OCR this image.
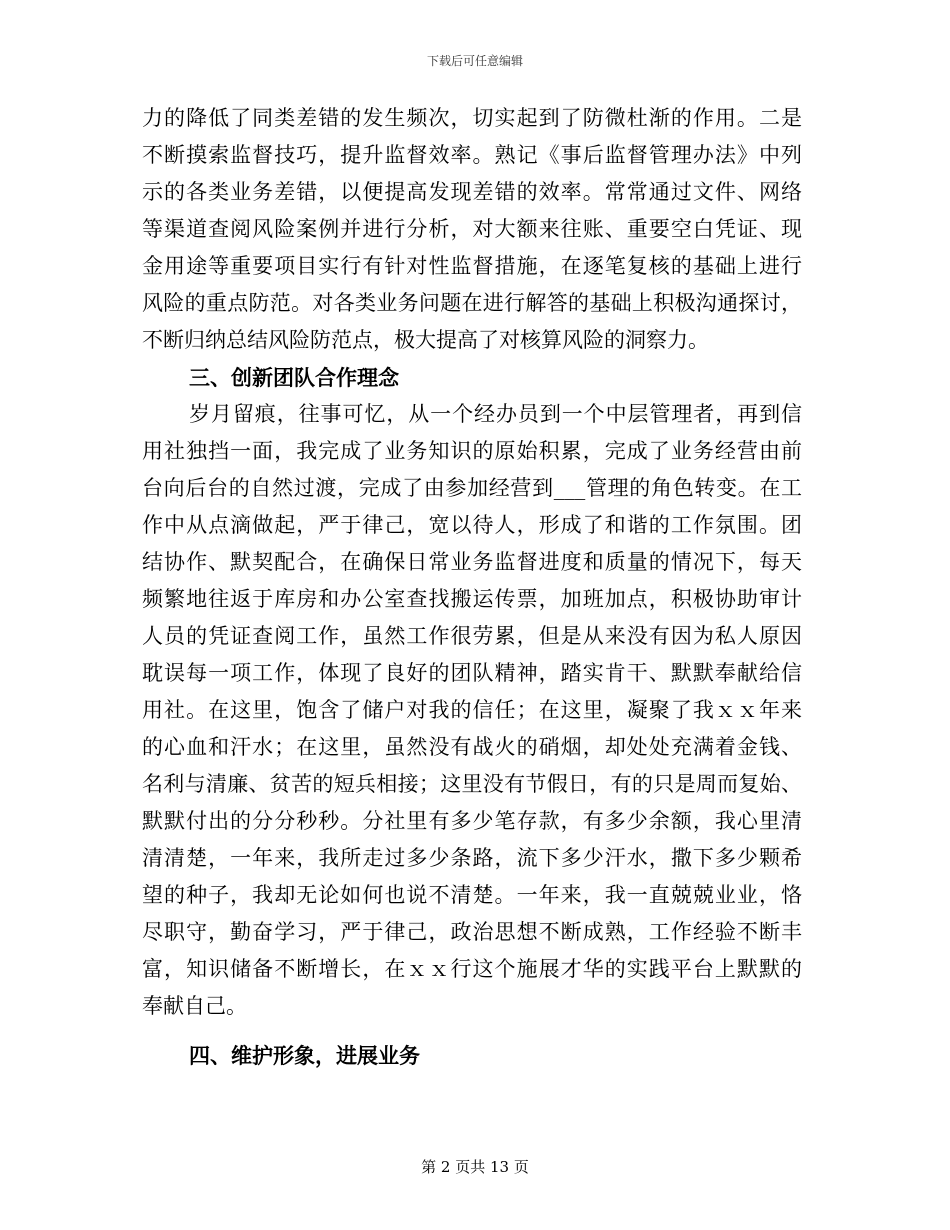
下载后可任意编辑
力的降低了同类差错的发生频次，切实起到了防微杜渐的作用。二是
不断摸索监督技巧，提升监督效率。熟记《事后监督管理办法》中列
示的各类业务差错，以便提高发现差错的效率。常常通过文件、网络
等渠道查阅风险案例并进行分析，对大额来往账、重要空白凭证、现
金用途等重要项目实行有针对性监督措施，在逐笔复核的基础上进行
风险的重点防范。对各类业务问题在进行解答的基础上积极沟通探讨，
不断归纳总结风险防范点，极大提高了对核算风险的洞察力。
三、创新团队合作理念
岁月留痕，往事可忆，从一个经办员到一个中层管理者，再到信
用社独挡一面，我完成了业务知识的原始积累，完成了业务经营由前
台向后台的自然过渡，完成了由参加经营到___管理的角色转变。在工
作中从点滴做起，严于律己，宽以待人，形成了和谐的工作氛围。团
结协作、默契配合，在确保日常业务监督进度和质量的情况下，每天
频繁地往返于库房和办公室查找搬运传票，加班加点，积极协助审计
人员的凭证查阅工作，虽然工作很劳累，但是从来没有因为私人原因
耽误每一项工作，体现了良好的团队精神，踏实肯干、默默奉献给信
用社。在这里，饱含了储户对我的信任；在这里，凝聚了我ｘｘ年来
的心血和汗水；在这里，虽然没有战火的硝烟，却处处充满着金钱、
名利与清廉、贫苦的短兵相接；这里没有节假日，有的只是周而复始、
默默付出的分分秒秒。分社里有多少笔存款，有多少余额，我心里清
清清楚，一年来，我所走过多少条路，流下多少汗水，撒下多少颗希
望的种子，我却无论如何也说不清楚。一年来，我一直兢兢业业，恪
尽职守，勤奋学习，严于律己，政治思想不断成熟，工作经验不断丰
富，知识储备不断增长，在ｘｘ行这个施展才华的实践平台上默默的
奉献自己。
四、维护形象，进展业务
第 2 页共 13 页
